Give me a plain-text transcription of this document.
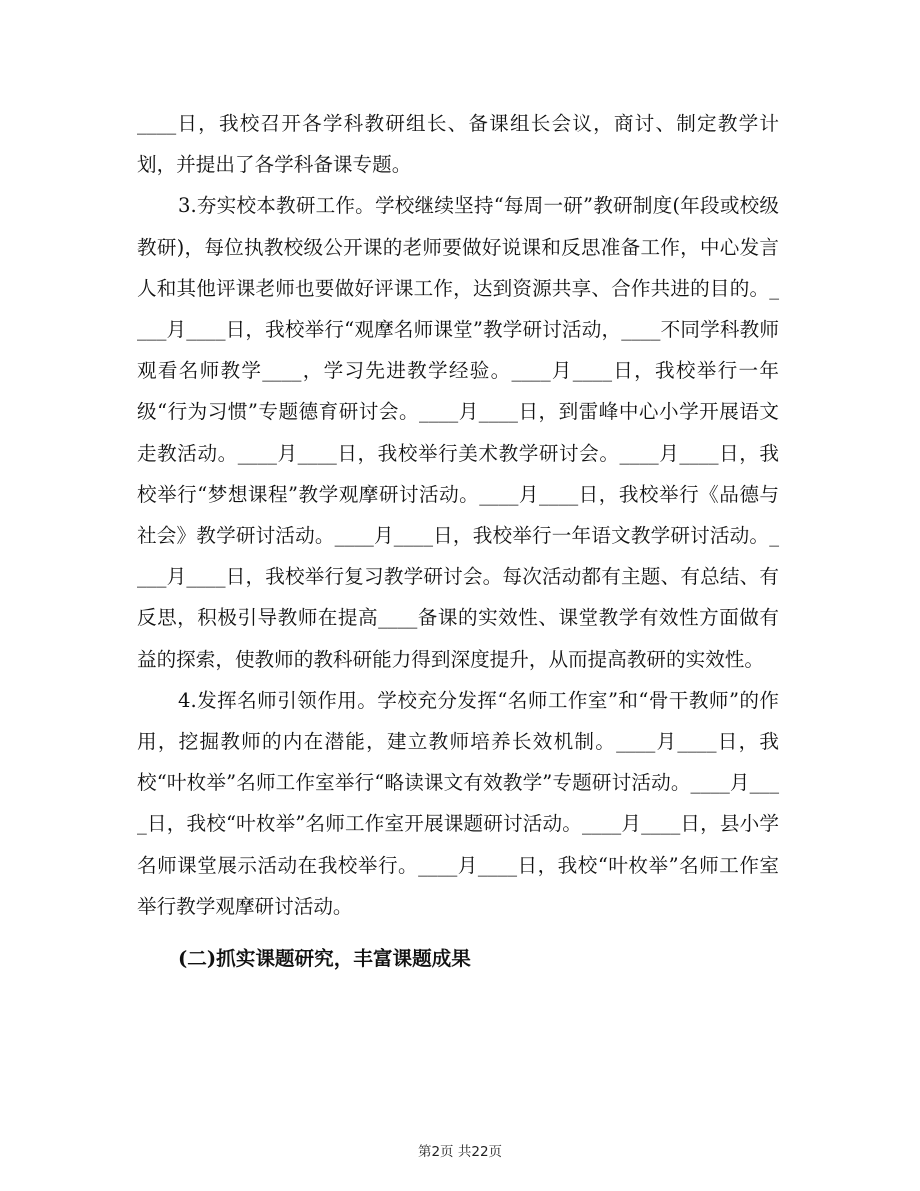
____日，我校召开各学科教研组长、备课组长会议，商讨、制定教学计划，并提出了各学科备课专题。

3.夯实校本教研工作。学校继续坚持“每周一研”教研制度(年段或校级教研)，每位执教校级公开课的老师要做好说课和反思准备工作，中心发言人和其他评课老师也要做好评课工作，达到资源共享、合作共进的目的。____月____日，我校举行“观摩名师课堂”教学研讨活动，____不同学科教师观看名师教学____，学习先进教学经验。____月____日，我校举行一年级“行为习惯”专题德育研讨会。____月____日，到雷峰中心小学开展语文走教活动。____月____日，我校举行美术教学研讨会。____月____日，我校举行“梦想课程”教学观摩研讨活动。____月____日，我校举行《品德与社会》教学研讨活动。____月____日，我校举行一年语文教学研讨活动。____月____日，我校举行复习教学研讨会。每次活动都有主题、有总结、有反思，积极引导教师在提高____备课的实效性、课堂教学有效性方面做有益的探索，使教师的教科研能力得到深度提升，从而提高教研的实效性。

4.发挥名师引领作用。学校充分发挥“名师工作室”和“骨干教师”的作用，挖掘教师的内在潜能，建立教师培养长效机制。____月____日，我校“叶枚举”名师工作室举行“略读课文有效教学”专题研讨活动。____月____日，我校“叶枚举”名师工作室开展课题研讨活动。____月____日，县小学名师课堂展示活动在我校举行。____月____日，我校“叶枚举”名师工作室举行教学观摩研讨活动。

(二)抓实课题研究，丰富课题成果

第2页 共22页
